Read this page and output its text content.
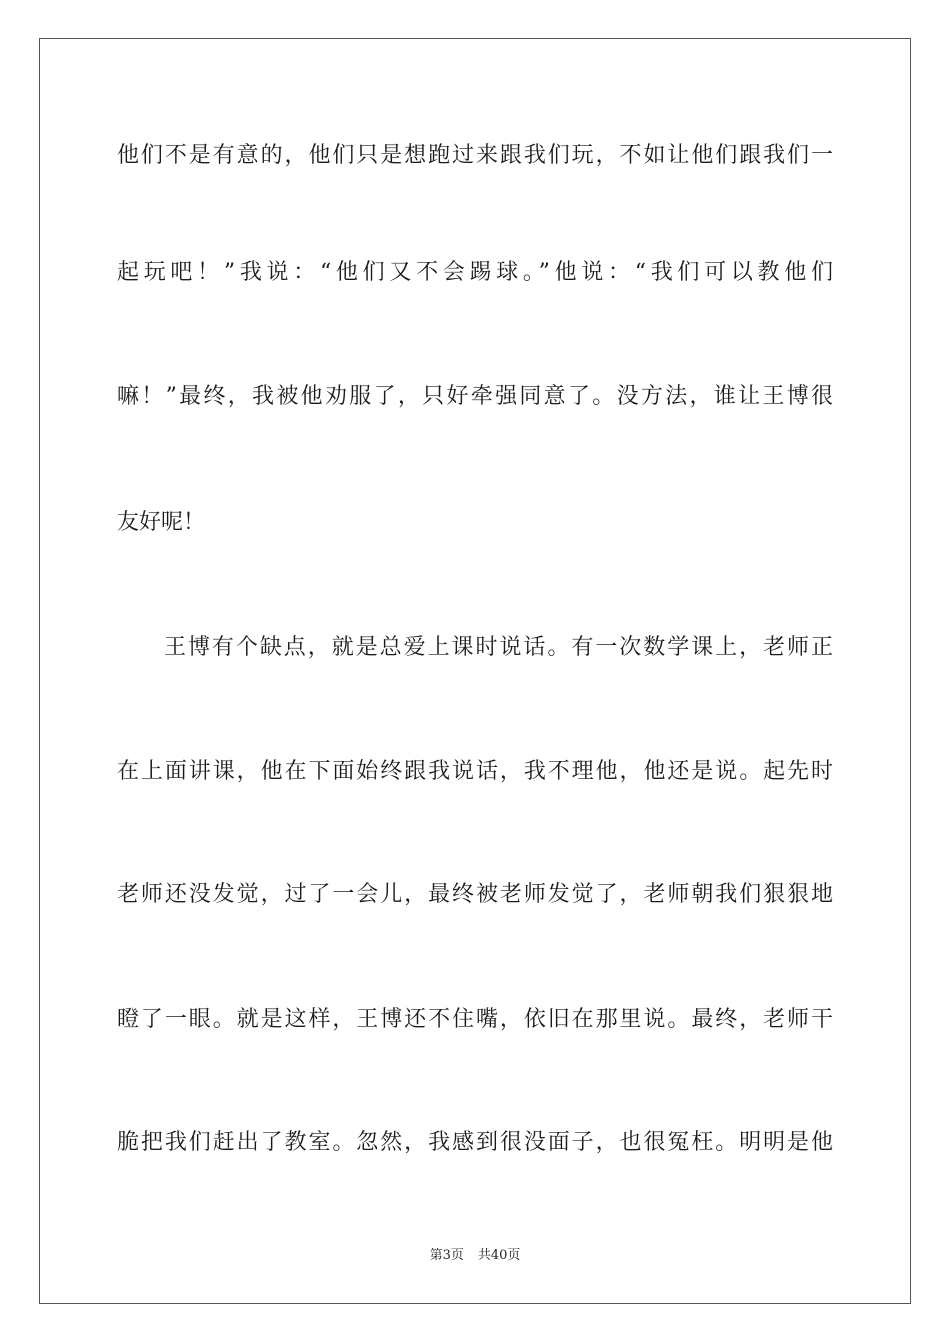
他们不是有意的，他们只是想跑过来跟我们玩，不如让他们跟我们一
起玩吧！”我说：“他们又不会踢球。”他说：“我们可以教他们
嘛！”最终，我被他劝服了，只好牵强同意了。没方法，谁让王博很
友好呢！
王博有个缺点，就是总爱上课时说话。有一次数学课上，老师正
在上面讲课，他在下面始终跟我说话，我不理他，他还是说。起先时
老师还没发觉，过了一会儿，最终被老师发觉了，老师朝我们狠狠地
瞪了一眼。就是这样，王博还不住嘴，依旧在那里说。最终，老师干
脆把我们赶出了教室。忽然，我感到很没面子，也很冤枉。明明是他
第3页 共40页
